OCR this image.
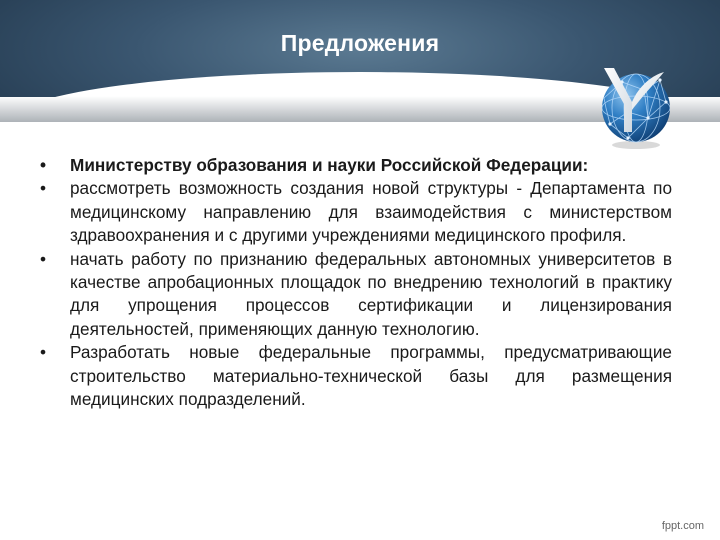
Предложения
• Министерству образования и науки Российской Федерации:
• рассмотреть возможность создания новой структуры - Департамента по медицинскому направлению для взаимодействия с министерством здравоохранения и с другими учреждениями медицинского профиля.
• начать работу по признанию федеральных автономных университетов в качестве апробационных площадок по внедрению технологий в практику для упрощения процессов сертификации и лицензирования деятельностей, применяющих данную технологию.
• Разработать новые федеральные программы, предусматривающие строительство материально-технической базы для размещения медицинских подразделений.
fppt.com
